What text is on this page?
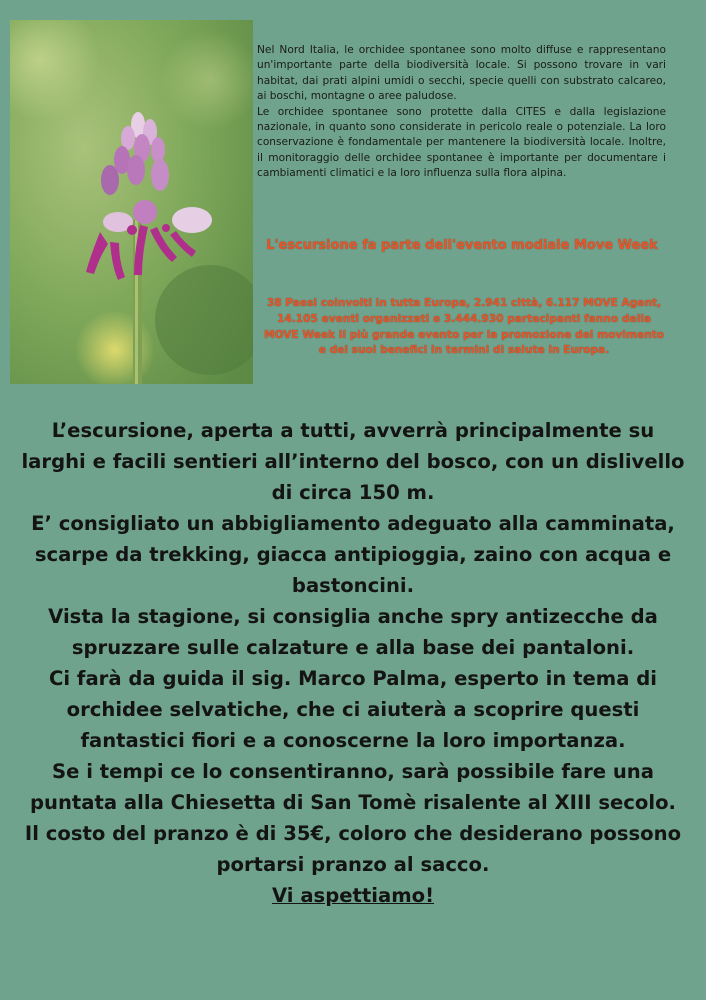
Nel Nord Italia, le orchidee spontanee sono molto diffuse e rappresentano un'importante parte della biodiversità locale. Si possono trovare in vari habitat, dai prati alpini umidi o secchi, specie quelli con substrato calcareo, ai boschi, montagne o aree paludose.

Le orchidee spontanee sono protette dalla CITES e dalla legislazione nazionale, in quanto sono considerate in pericolo reale o potenziale. La loro conservazione è fondamentale per mantenere la biodiversità locale. Inoltre, il monitoraggio delle orchidee spontanee è importante per documentare i cambiamenti climatici e la loro influenza sulla flora alpina.

L'escursione fa parte dell'evento modiale Move Week
38 Paesi coinvolti in tutta Europa, 2.941 città, 6.117 MOVE Agent, 14.105 eventi organizzati e 3.444.930 partecipanti fanno della MOVE Week il più grande evento per la promozione del movimento e dei suoi benefici in termini di salute in Europa.

L’escursione, aperta a tutti, avverrà principalmente su larghi e facili sentieri all’interno del bosco, con un dislivello di circa 150 m.

E’ consigliato un abbigliamento adeguato alla camminata, scarpe da trekking, giacca antipioggia, zaino con acqua e bastoncini.

Vista la stagione, si consiglia anche spry antizecche da spruzzare sulle calzature e alla base dei pantaloni.

Ci farà da guida il sig. Marco Palma, esperto in tema di orchidee selvatiche, che ci aiuterà a scoprire questi fantastici fiori e a conoscerne la loro importanza.

Se i tempi ce lo consentiranno, sarà possibile fare una puntata alla Chiesetta di San Tomè risalente al XIII secolo.

Il costo del pranzo è di 35€, coloro che desiderano possono portarsi pranzo al sacco.

Vi aspettiamo!
